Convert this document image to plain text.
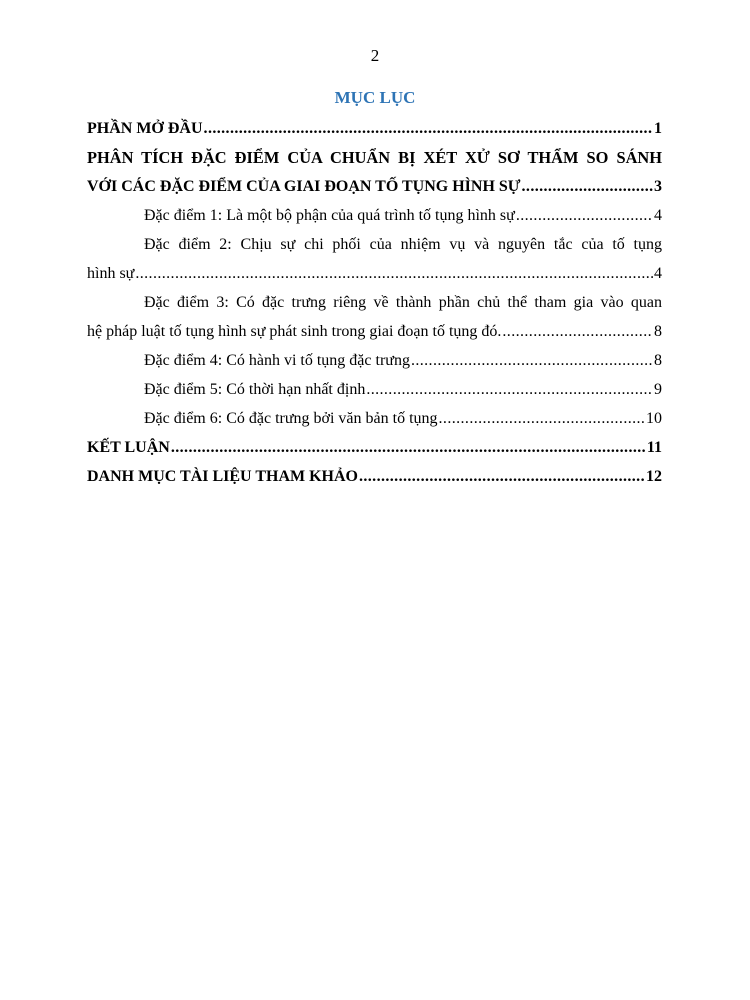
2
MỤC LỤC
PHẦN MỞ ĐẦU .....	1
PHÂN TÍCH ĐẶC ĐIỂM CỦA CHUẨN BỊ XÉT XỬ SƠ THẨM SO SÁNH
VỚI CÁC ĐẶC ĐIỂM CỦA GIAI ĐOẠN TỐ TỤNG HÌNH SỰ .....	3
Đặc điểm 1: Là một bộ phận của quá trình tố tụng hình sự .....	4
Đặc điểm 2: Chịu sự chi phối của nhiệm vụ và nguyên tắc của tố tụng
hình sự .....	4
Đặc điểm 3: Có đặc trưng riêng về thành phần chủ thể tham gia vào quan
hệ pháp luật tố tụng hình sự phát sinh trong giai đoạn tố tụng đó. .....	8
Đặc điểm 4: Có hành vi tố tụng đặc trưng .....	8
Đặc điểm 5: Có thời hạn nhất định .....	9
Đặc điểm 6: Có đặc trưng bởi văn bản tố tụng .....	10
KẾT LUẬN .....	11
DANH MỤC TÀI LIỆU THAM KHẢO .....	12
